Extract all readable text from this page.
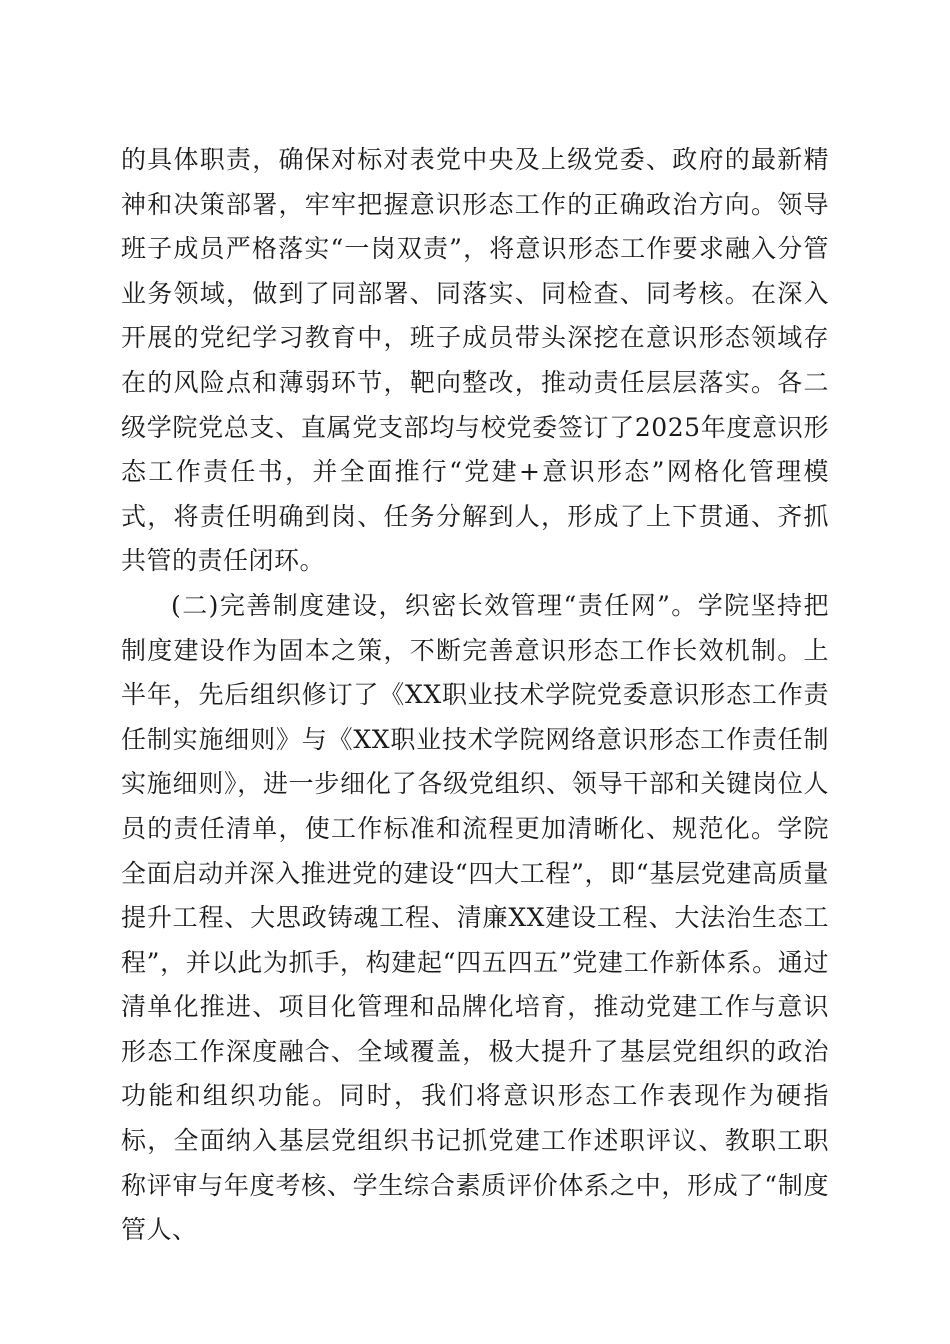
的具体职责，确保对标对表党中央及上级党委、政府的最新精神和决策部署，牢牢把握意识形态工作的正确政治方向。领导班子成员严格落实“一岗双责”，将意识形态工作要求融入分管业务领域，做到了同部署、同落实、同检查、同考核。在深入开展的党纪学习教育中，班子成员带头深挖在意识形态领域存在的风险点和薄弱环节，靶向整改，推动责任层层落实。各二级学院党总支、直属党支部均与校党委签订了2025年度意识形态工作责任书，并全面推行“党建+意识形态”网格化管理模式，将责任明确到岗、任务分解到人，形成了上下贯通、齐抓共管的责任闭环。

(二)完善制度建设，织密长效管理“责任网”。学院坚持把制度建设作为固本之策，不断完善意识形态工作长效机制。上半年，先后组织修订了《XX职业技术学院党委意识形态工作责任制实施细则》与《XX职业技术学院网络意识形态工作责任制实施细则》，进一步细化了各级党组织、领导干部和关键岗位人员的责任清单，使工作标准和流程更加清晰化、规范化。学院全面启动并深入推进党的建设“四大工程”，即“基层党建高质量提升工程、大思政铸魂工程、清廉XX建设工程、大法治生态工程”，并以此为抓手，构建起“四五四五”党建工作新体系。通过清单化推进、项目化管理和品牌化培育，推动党建工作与意识形态工作深度融合、全域覆盖，极大提升了基层党组织的政治功能和组织功能。同时，我们将意识形态工作表现作为硬指标，全面纳入基层党组织书记抓党建工作述职评议、教职工职称评审与年度考核、学生综合素质评价体系之中，形成了“制度管人、
